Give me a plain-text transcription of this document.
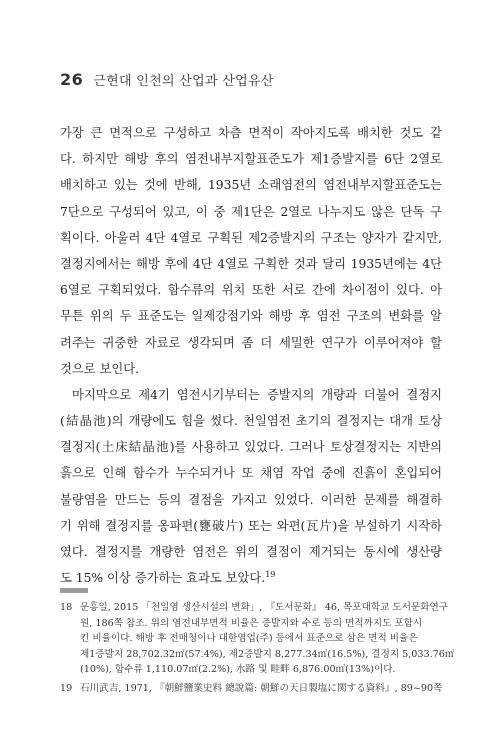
26 근현대 인천의 산업과 산업유산
가장 큰 면적으로 구성하고 차츰 면적이 작아지도록 배치한 것도 같
다. 하지만 해방 후의 염전내부지할표준도가 제1증발지를 6단 2열로
배치하고 있는 것에 반해, 1935년 소래염전의 염전내부지할표준도는
7단으로 구성되어 있고, 이 중 제1단은 2열로 나누지도 않은 단독 구
획이다. 아울러 4단 4열로 구획된 제2증발지의 구조는 양자가 같지만,
결정지에서는 해방 후에 4단 4열로 구획한 것과 달리 1935년에는 4단
6열로 구획되었다. 함수류의 위치 또한 서로 간에 차이점이 있다. 아
무튼 위의 두 표준도는 일제강점기와 해방 후 염전 구조의 변화를 알
려주는 귀중한 자료로 생각되며 좀 더 세밀한 연구가 이루어져야 할
것으로 보인다.
마지막으로 제4기 염전시기부터는 증발지의 개량과 더불어 결정지
(結晶池)의 개량에도 힘을 썼다. 천일염전 초기의 결정지는 대개 토상
결정지(土床結晶池)를 사용하고 있었다. 그러나 토상결정지는 지반의
흙으로 인해 함수가 누수되거나 또 채염 작업 중에 진흙이 혼입되어
불량염을 만드는 등의 결점을 가지고 있었다. 이러한 문제를 해결하
기 위해 결정지를 옹파편(甕破片) 또는 와편(瓦片)을 부설하기 시작하
였다. 결정지를 개량한 염전은 위의 결점이 제거되는 동시에 생산량
도 15% 이상 증가하는 효과도 보았다.$^{19}$
18 문홍일, 2015 「천일염 생산시설의 변화」, 『도서문화』 46, 목포대학교 도서문화연구
원, 186쪽 참조. 위의 염전내부면적 비율은 증발지와 수로 등의 면적까지도 포함시
킨 비율이다. 해방 후 전매청이나 대한염업(주) 등에서 표준으로 삼은 면적 비율은
제1증발지 28,702.32㎡(57.4%), 제2증발지 8,277.34㎡(16.5%), 결정지 5,033.76㎡
(10%), 함수류 1,110.07㎡(2.2%), 水路 및 畦畔 6,876.00㎡(13%)이다.
19 石川武吉, 1971, 『朝鮮鹽業史料 總說篇: 朝鮮の天日製塩に関する資料』, 89~90쪽
